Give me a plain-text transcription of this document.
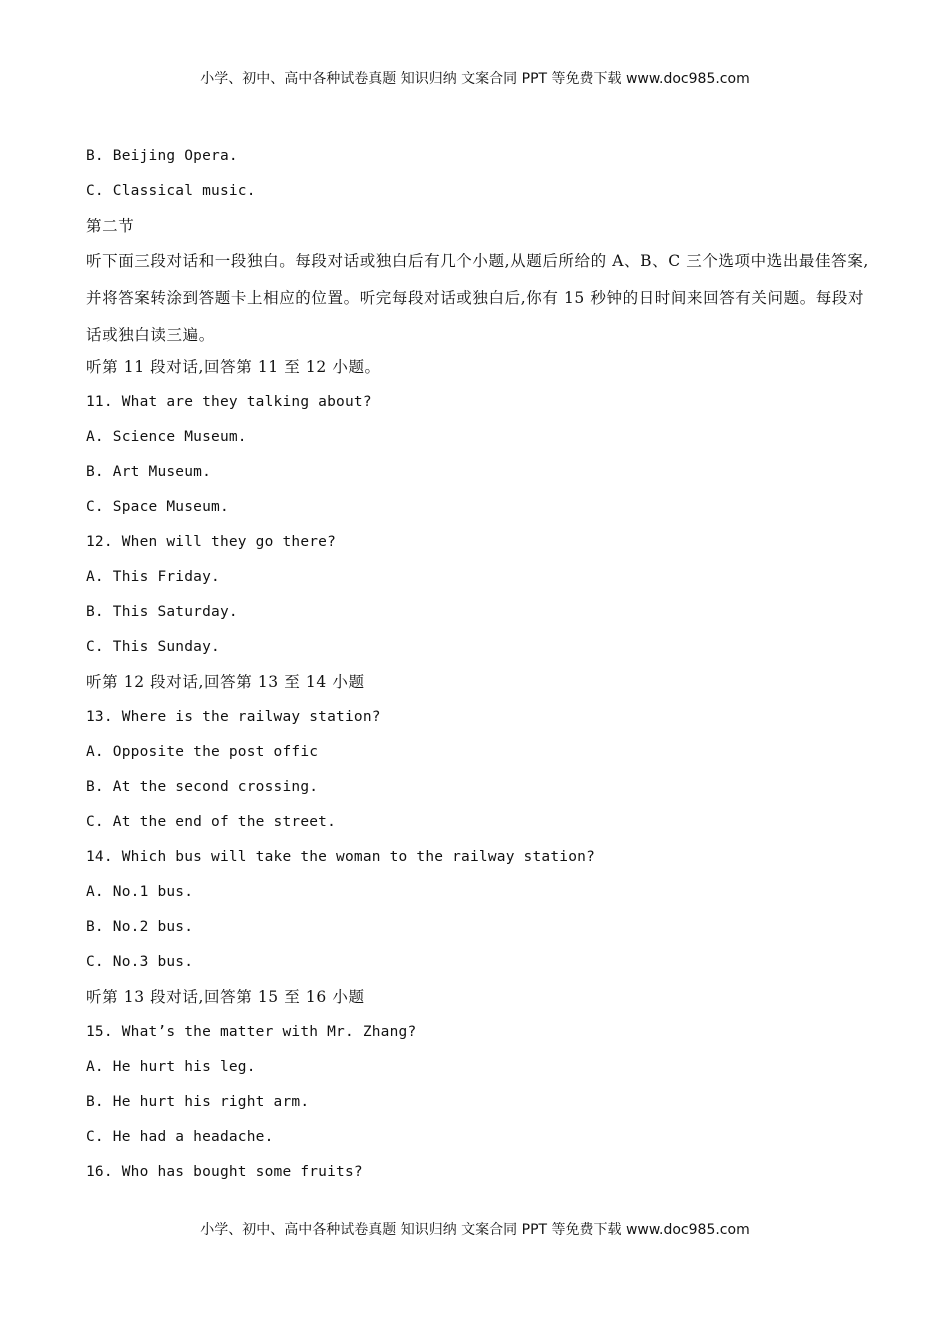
小学、初中、高中各种试卷真题 知识归纳 文案合同 PPT 等免费下载 www.doc985.com
B. Beijing Opera.
C. Classical music.
第二节
听下面三段对话和一段独白。每段对话或独白后有几个小题,从题后所给的 A、B、C 三个选项中选出最佳答案,并将答案转涂到答题卡上相应的位置。听完每段对话或独白后,你有 15 秒钟的日时间来回答有关问题。每段对话或独白读三遍。
听第 11 段对话,回答第 11 至 12 小题。
11. What are they talking about?
A. Science Museum.
B. Art Museum.
C. Space Museum.
12. When will they go there?
A. This Friday.
B. This Saturday.
C. This Sunday.
听第 12 段对话,回答第 13 至 14 小题
13. Where is the railway station?
A. Opposite the post offic
B. At the second crossing.
C. At the end of the street.
14. Which bus will take the woman to the railway station?
A. No.1 bus.
B. No.2 bus.
C. No.3 bus.
听第 13 段对话,回答第 15 至 16 小题
15. What’s the matter with Mr. Zhang?
A. He hurt his leg.
B. He hurt his right arm.
C. He had a headache.
16. Who has bought some fruits?
小学、初中、高中各种试卷真题 知识归纳 文案合同 PPT 等免费下载 www.doc985.com
